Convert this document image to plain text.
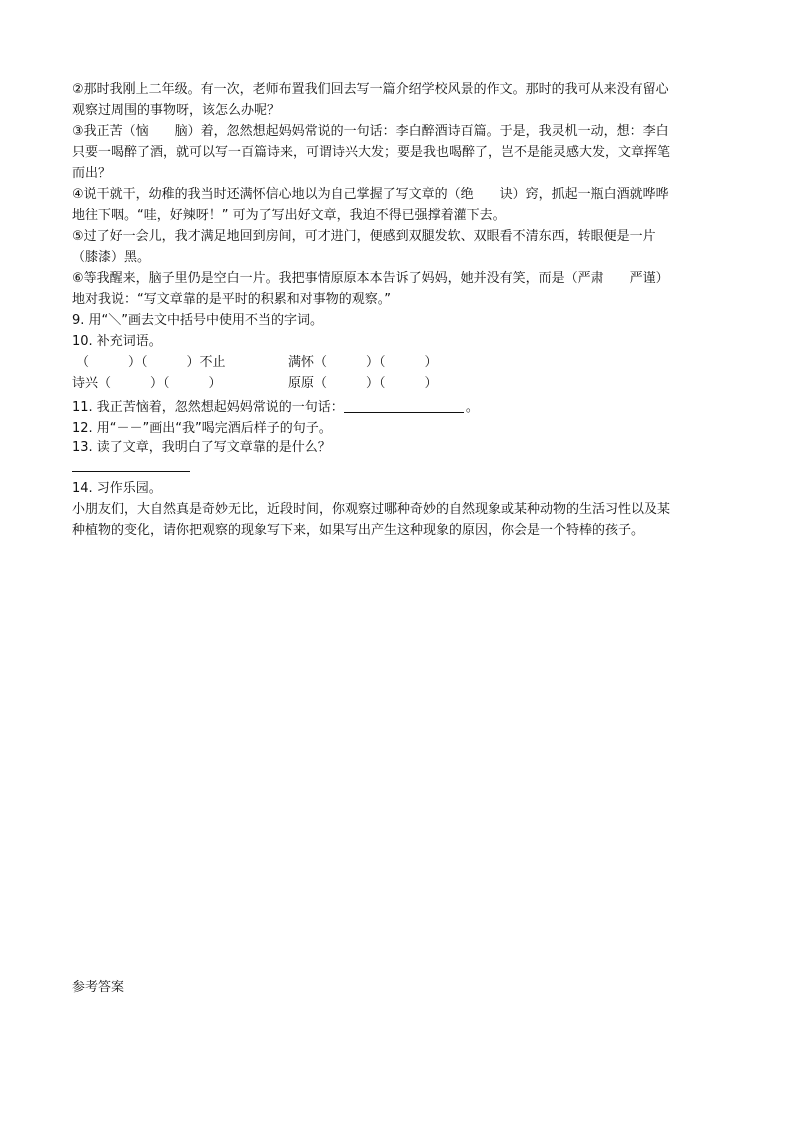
②那时我刚上二年级。有一次，老师布置我们回去写一篇介绍学校风景的作文。那时的我可从来没有留心
观察过周围的事物呀，该怎么办呢？
③我正苦（恼　　脑）着，忽然想起妈妈常说的一句话：李白醉酒诗百篇。于是，我灵机一动，想：李白
只要一喝醉了酒，就可以写一百篇诗来，可谓诗兴大发；要是我也喝醉了，岂不是能灵感大发，文章挥笔
而出？
④说干就干，幼稚的我当时还满怀信心地以为自己掌握了写文章的（绝　　诀）窍，抓起一瓶白酒就哗哗
地往下咽。“哇，好辣呀！” 可为了写出好文章，我迫不得已强撑着灌下去。
⑤过了好一会儿，我才满足地回到房间，可才进门，便感到双腿发软、双眼看不清东西，转眼便是一片
（膝漆）黑。
⑥等我醒来，脑子里仍是空白一片。我把事情原原本本告诉了妈妈，她并没有笑，而是（严肃　　严谨）
地对我说：“写文章靠的是平时的积累和对事物的观察。”
9. 用“＼”画去文中括号中使用不当的字词。
10. 补充词语。
（　　　）（　　　）不止	满怀（　　　）（　　　）
诗兴（　　　）（　　　）	原原（　　　）（　　　）
11. 我正苦恼着，忽然想起妈妈常说的一句话：	。
12. 用“－－”画出“我”喝完酒后样子的句子。
13. 读了文章，我明白了写文章靠的是什么？
14. 习作乐园。
小朋友们，大自然真是奇妙无比，近段时间，你观察过哪种奇妙的自然现象或某种动物的生活习性以及某
种植物的变化，请你把观察的现象写下来，如果写出产生这种现象的原因，你会是一个特棒的孩子。
参考答案
